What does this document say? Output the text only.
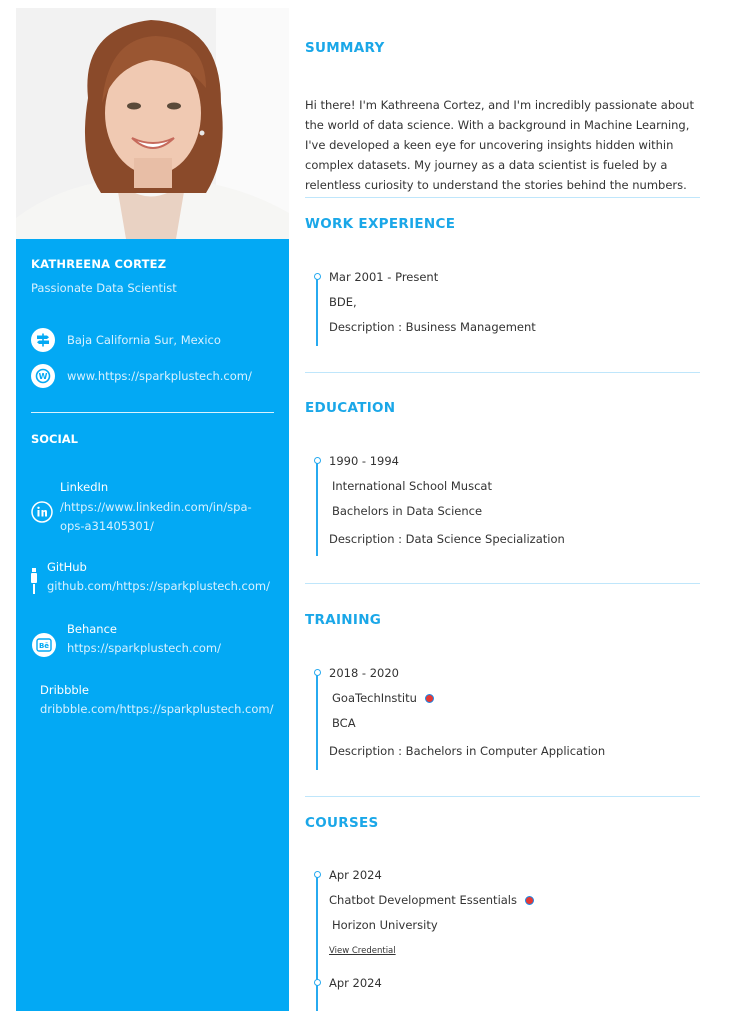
KATHREENA CORTEZ
Passionate Data Scientist
Baja California Sur, Mexico
W www.https://sparkplustech.com/
SOCIAL
LinkedIn
/https://www.linkedin.com/in/spa-
ops-a31405301/
GitHub
github.com/https://sparkplustech.com/
Bē
Behance
https://sparkplustech.com/
Dribbble
dribbble.com/https://sparkplustech.com/
SUMMARY
Hi there! I'm Kathreena Cortez, and I'm incredibly passionate about
the world of data science. With a background in Machine Learning,
I've developed a keen eye for uncovering insights hidden within
complex datasets. My journey as a data scientist is fueled by a
relentless curiosity to understand the stories behind the numbers.
WORK EXPERIENCE
Mar 2001 - Present
BDE,
Description : Business Management
EDUCATION
1990 - 1994
International School Muscat
Bachelors in Data Science
Description : Data Science Specialization
TRAINING
2018 - 2020
GoaTechInstitu
BCA
Description : Bachelors in Computer Application
COURSES
Apr 2024
Chatbot Development Essentials
Horizon University
View Credential
Apr 2024
